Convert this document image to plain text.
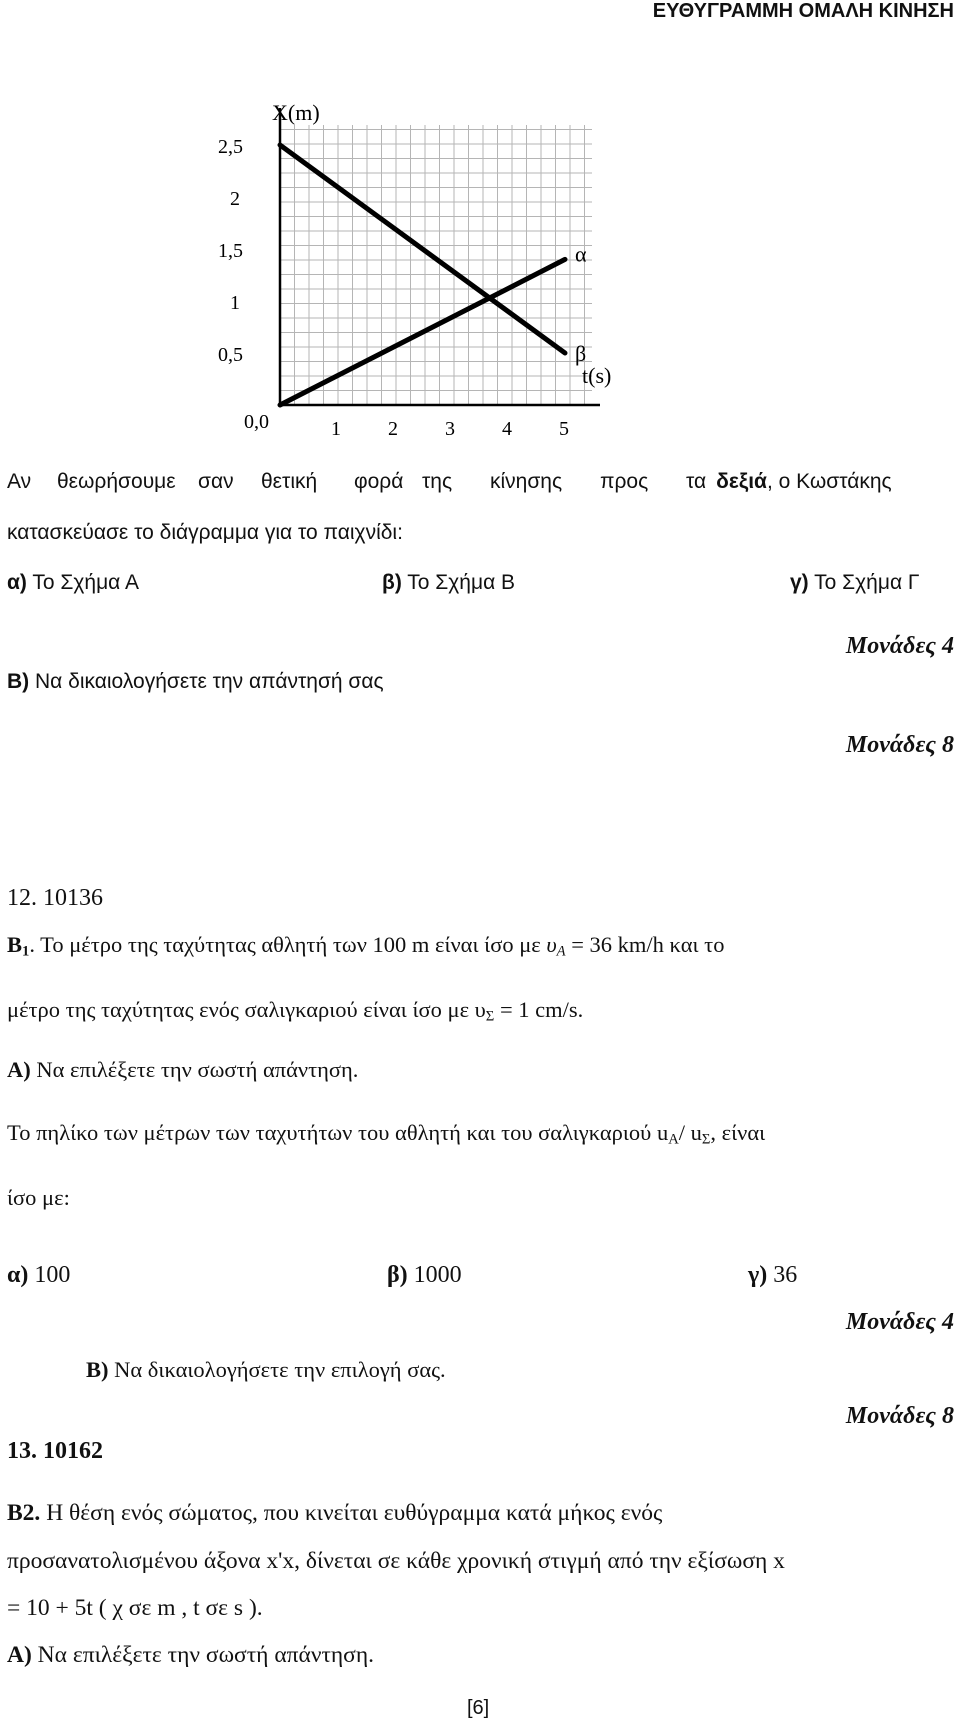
ΕΥΘΥΓΡΑΜΜΗ ΟΜΑΛΗ ΚΙΝΗΣΗ
1 2 3 4 5
0,5
1
1,5
2
2,5
α
β
X(m)
t(s)
0,0
Αν θεωρήσουμε σαν θετική φορά της κίνησης προς τα δεξιά, ο Κωστάκης
κατασκεύασε το διάγραμμα για το παιχνίδι:
α) Το Σχήμα Α	β) Το Σχήμα Β	γ) Το Σχήμα Γ
Μονάδες 4
Β) Να δικαιολογήσετε την απάντησή σας
Μονάδες 8
12. 10136
$B_1$. Το μέτρο της ταχύτητας αθλητή των 100 m είναι ίσο με $\upsilon_A = 36$ km/h και το
μέτρο της ταχύτητας ενός σαλιγκαριού είναι ίσο με $\upsilon_\Sigma = 1$ cm/s.
Α) Να επιλέξετε την σωστή απάντηση.
Το πηλίκο των μέτρων των ταχυτήτων του αθλητή και του σαλιγκαριού $u_A/$ $u_\Sigma$, είναι
ίσο με:
α) 100	β) 1000	γ) 36
Μονάδες 4
Β) Να δικαιολογήσετε την επιλογή σας.
Μονάδες 8
13. 10162
Β2. Η θέση ενός σώματος, που κινείται ευθύγραμμα κατά μήκος ενός
προσανατολισμένου άξονα x'x, δίνεται σε κάθε χρονική στιγμή από την εξίσωση x
= 10 + 5t ( χ σε m , t σε s ).
Α) Να επιλέξετε την σωστή απάντηση.
[6]
